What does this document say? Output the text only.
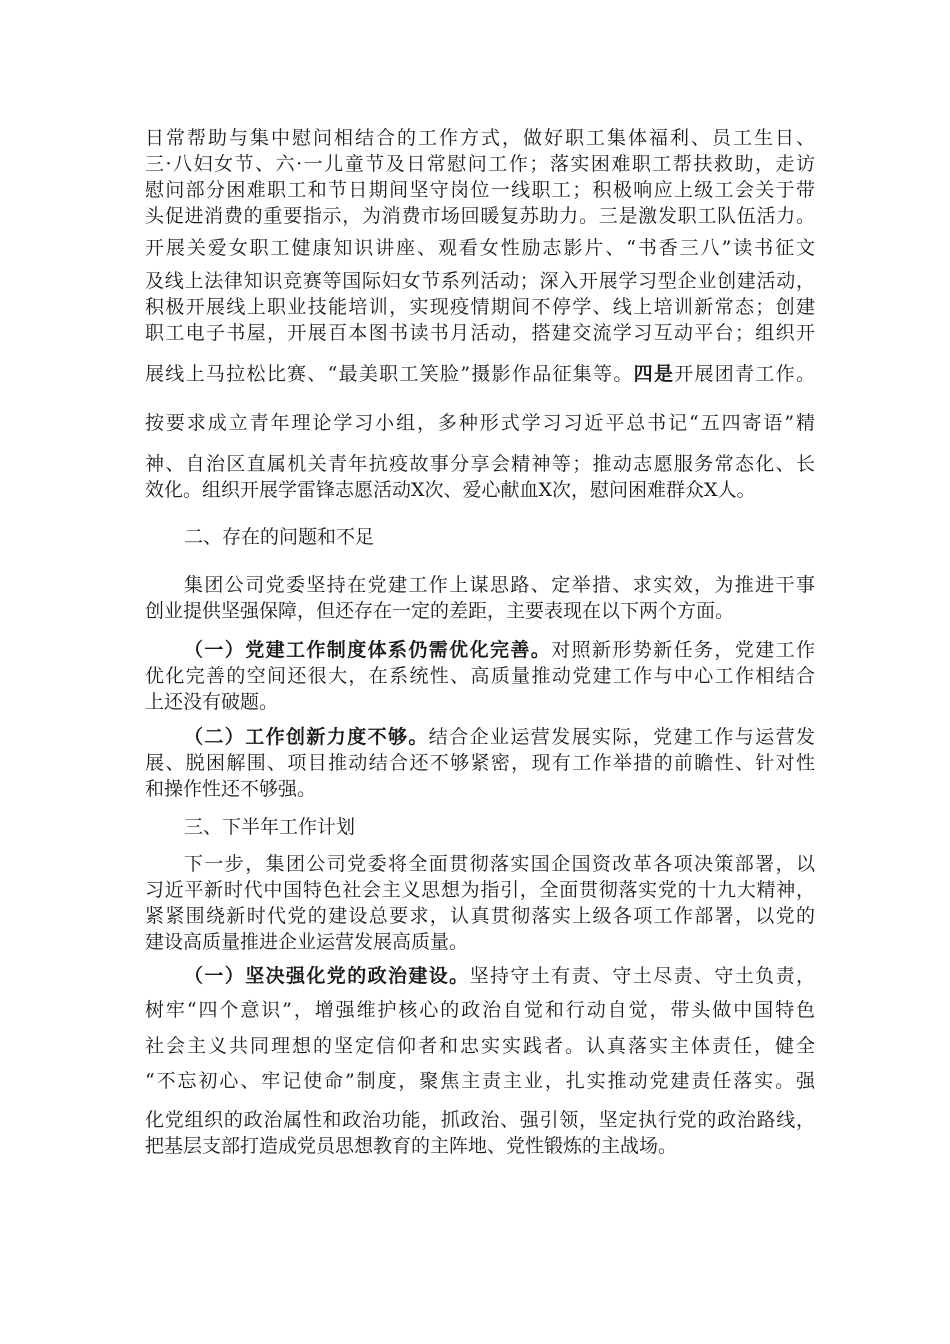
日常帮助与集中慰问相结合的工作方式，做好职工集体福利、员工生日、
三·八妇女节、六·一儿童节及日常慰问工作；落实困难职工帮扶救助，走访
慰问部分困难职工和节日期间坚守岗位一线职工；积极响应上级工会关于带
头促进消费的重要指示，为消费市场回暖复苏助力。三是激发职工队伍活力。
开展关爱女职工健康知识讲座、观看女性励志影片、“书香三八”读书征文
及线上法律知识竞赛等国际妇女节系列活动；深入开展学习型企业创建活动，
积极开展线上职业技能培训，实现疫情期间不停学、线上培训新常态；创建
职工电子书屋，开展百本图书读书月活动，搭建交流学习互动平台；组织开
展线上马拉松比赛、“最美职工笑脸”摄影作品征集等。四是开展团青工作。
按要求成立青年理论学习小组，多种形式学习习近平总书记“五四寄语”精
神、自治区直属机关青年抗疫故事分享会精神等；推动志愿服务常态化、长
效化。组织开展学雷锋志愿活动X次、爱心献血X次，慰问困难群众X人。
二、存在的问题和不足
集团公司党委坚持在党建工作上谋思路、定举措、求实效，为推进干事
创业提供坚强保障，但还存在一定的差距，主要表现在以下两个方面。
（一）党建工作制度体系仍需优化完善。对照新形势新任务，党建工作
优化完善的空间还很大，在系统性、高质量推动党建工作与中心工作相结合
上还没有破题。
（二）工作创新力度不够。结合企业运营发展实际，党建工作与运营发
展、脱困解围、项目推动结合还不够紧密，现有工作举措的前瞻性、针对性
和操作性还不够强。
三、下半年工作计划
下一步，集团公司党委将全面贯彻落实国企国资改革各项决策部署，以
习近平新时代中国特色社会主义思想为指引，全面贯彻落实党的十九大精神，
紧紧围绕新时代党的建设总要求，认真贯彻落实上级各项工作部署，以党的
建设高质量推进企业运营发展高质量。
（一）坚决强化党的政治建设。坚持守土有责、守土尽责、守土负责，
树牢“四个意识”，增强维护核心的政治自觉和行动自觉，带头做中国特色
社会主义共同理想的坚定信仰者和忠实实践者。认真落实主体责任，健全
“不忘初心、牢记使命”制度，聚焦主责主业，扎实推动党建责任落实。强
化党组织的政治属性和政治功能，抓政治、强引领，坚定执行党的政治路线，
把基层支部打造成党员思想教育的主阵地、党性锻炼的主战场。
